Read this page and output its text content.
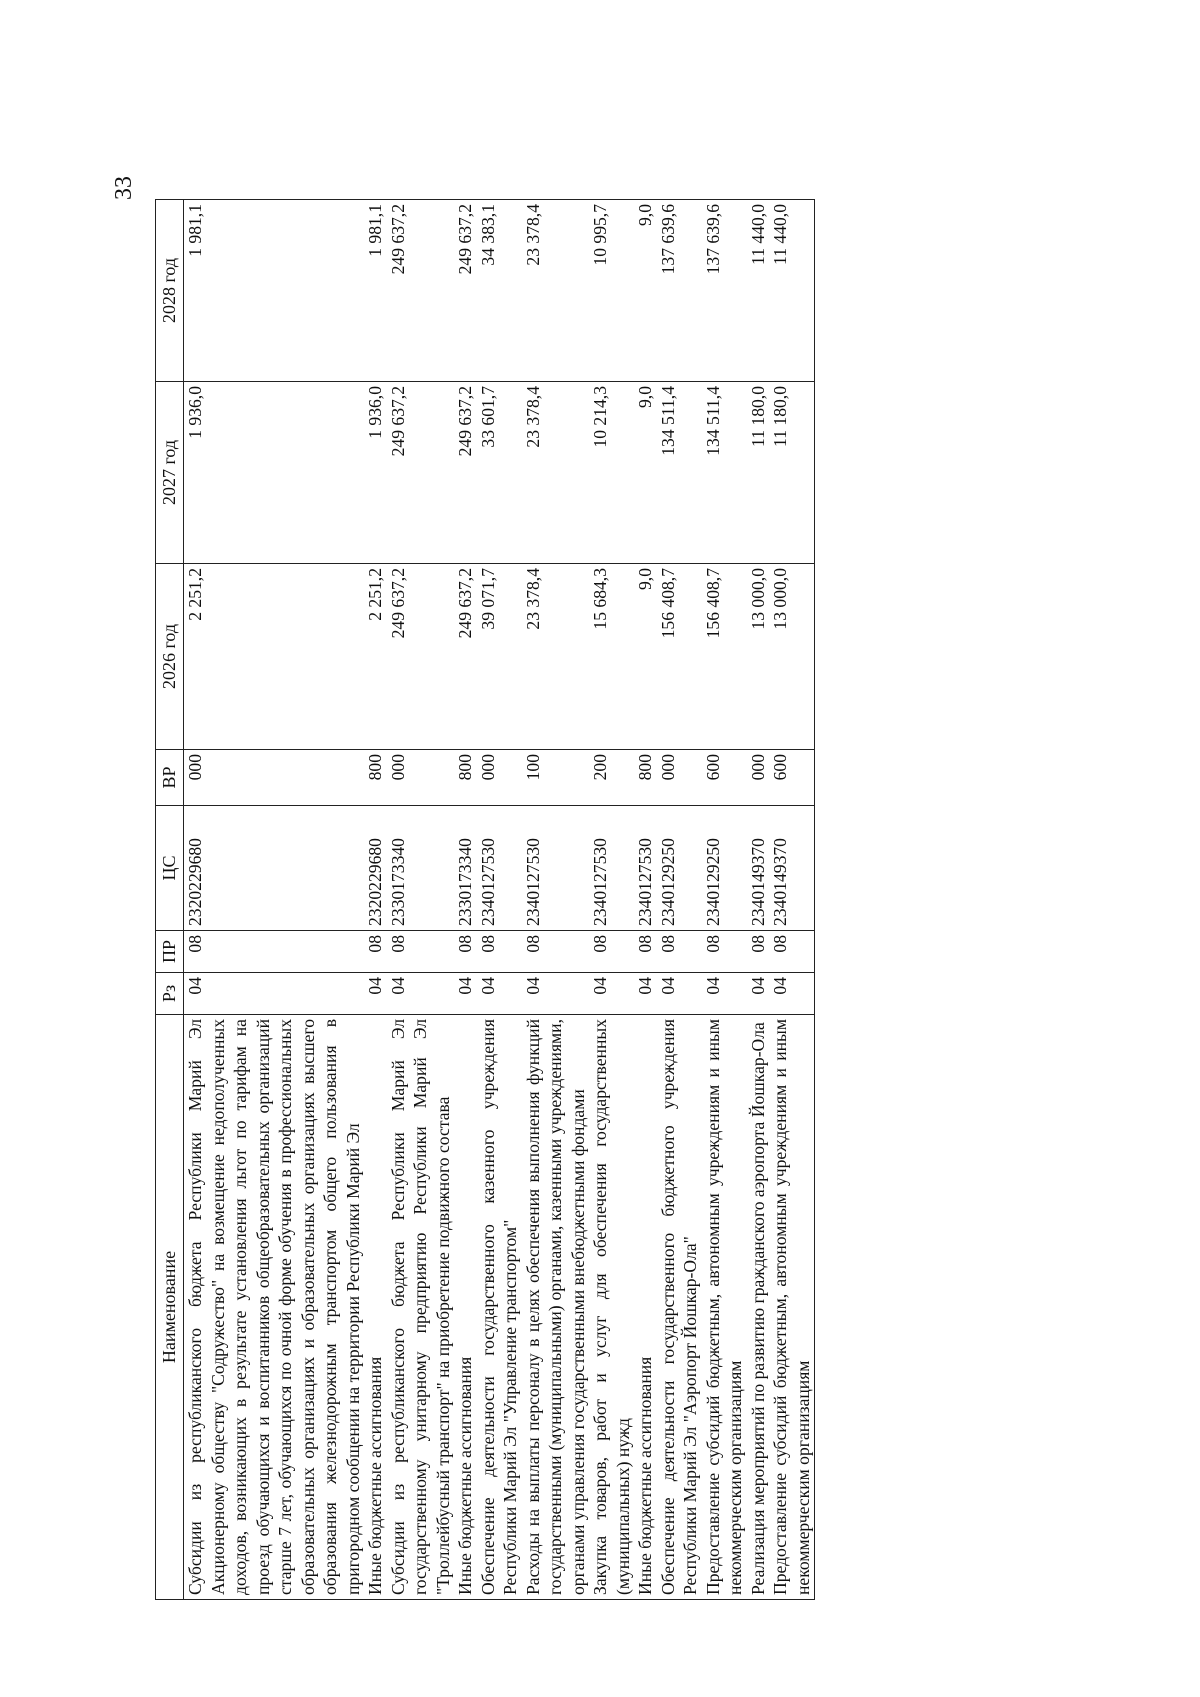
33
Наименование	Рз	ПР	ЦС	ВР	2026 год	2027 год	2028 год
Субсидии из республиканского бюджета Республики Марий Эл Акционерному обществу "Содружество" на возмещение недополученных доходов, возникающих в результате установления льгот по тарифам на проезд обучающихся и воспитанников общеобразовательных организаций старше 7 лет, обучающихся по очной форме обучения в профессиональных образовательных организациях и образовательных организациях высшего образования железнодорожным транспортом общего пользования в пригородном сообщении на территории Республики Марий Эл	04	08	2320229680	000	2 251,2	1 936,0	1 981,1
Иные бюджетные ассигнования	04	08	2320229680	800	2 251,2	1 936,0	1 981,1
Субсидии из республиканского бюджета Республики Марий Эл государственному унитарному предприятию Республики Марий Эл "Троллейбусный транспорт" на приобретение подвижного состава	04	08	2330173340	000	249 637,2	249 637,2	249 637,2
Иные бюджетные ассигнования	04	08	2330173340	800	249 637,2	249 637,2	249 637,2
Обеспечение деятельности государственного казенного учреждения Республики Марий Эл "Управление транспортом"	04	08	2340127530	000	39 071,7	33 601,7	34 383,1
Расходы на выплаты персоналу в целях обеспечения выполнения функций государственными (муниципальными) органами, казенными учреждениями, органами управления государственными внебюджетными фондами	04	08	2340127530	100	23 378,4	23 378,4	23 378,4
Закупка товаров, работ и услуг для обеспечения государственных (муниципальных) нужд	04	08	2340127530	200	15 684,3	10 214,3	10 995,7
Иные бюджетные ассигнования	04	08	2340127530	800	9,0	9,0	9,0
Обеспечение деятельности государственного бюджетного учреждения Республики Марий Эл "Аэропорт Йошкар-Ола"	04	08	2340129250	000	156 408,7	134 511,4	137 639,6
Предоставление субсидий бюджетным, автономным учреждениям и иным некоммерческим организациям	04	08	2340129250	600	156 408,7	134 511,4	137 639,6
Реализация мероприятий по развитию гражданского аэропорта Йошкар-Ола	04	08	2340149370	000	13 000,0	11 180,0	11 440,0
Предоставление субсидий бюджетным, автономным учреждениям и иным некоммерческим организациям	04	08	2340149370	600	13 000,0	11 180,0	11 440,0
